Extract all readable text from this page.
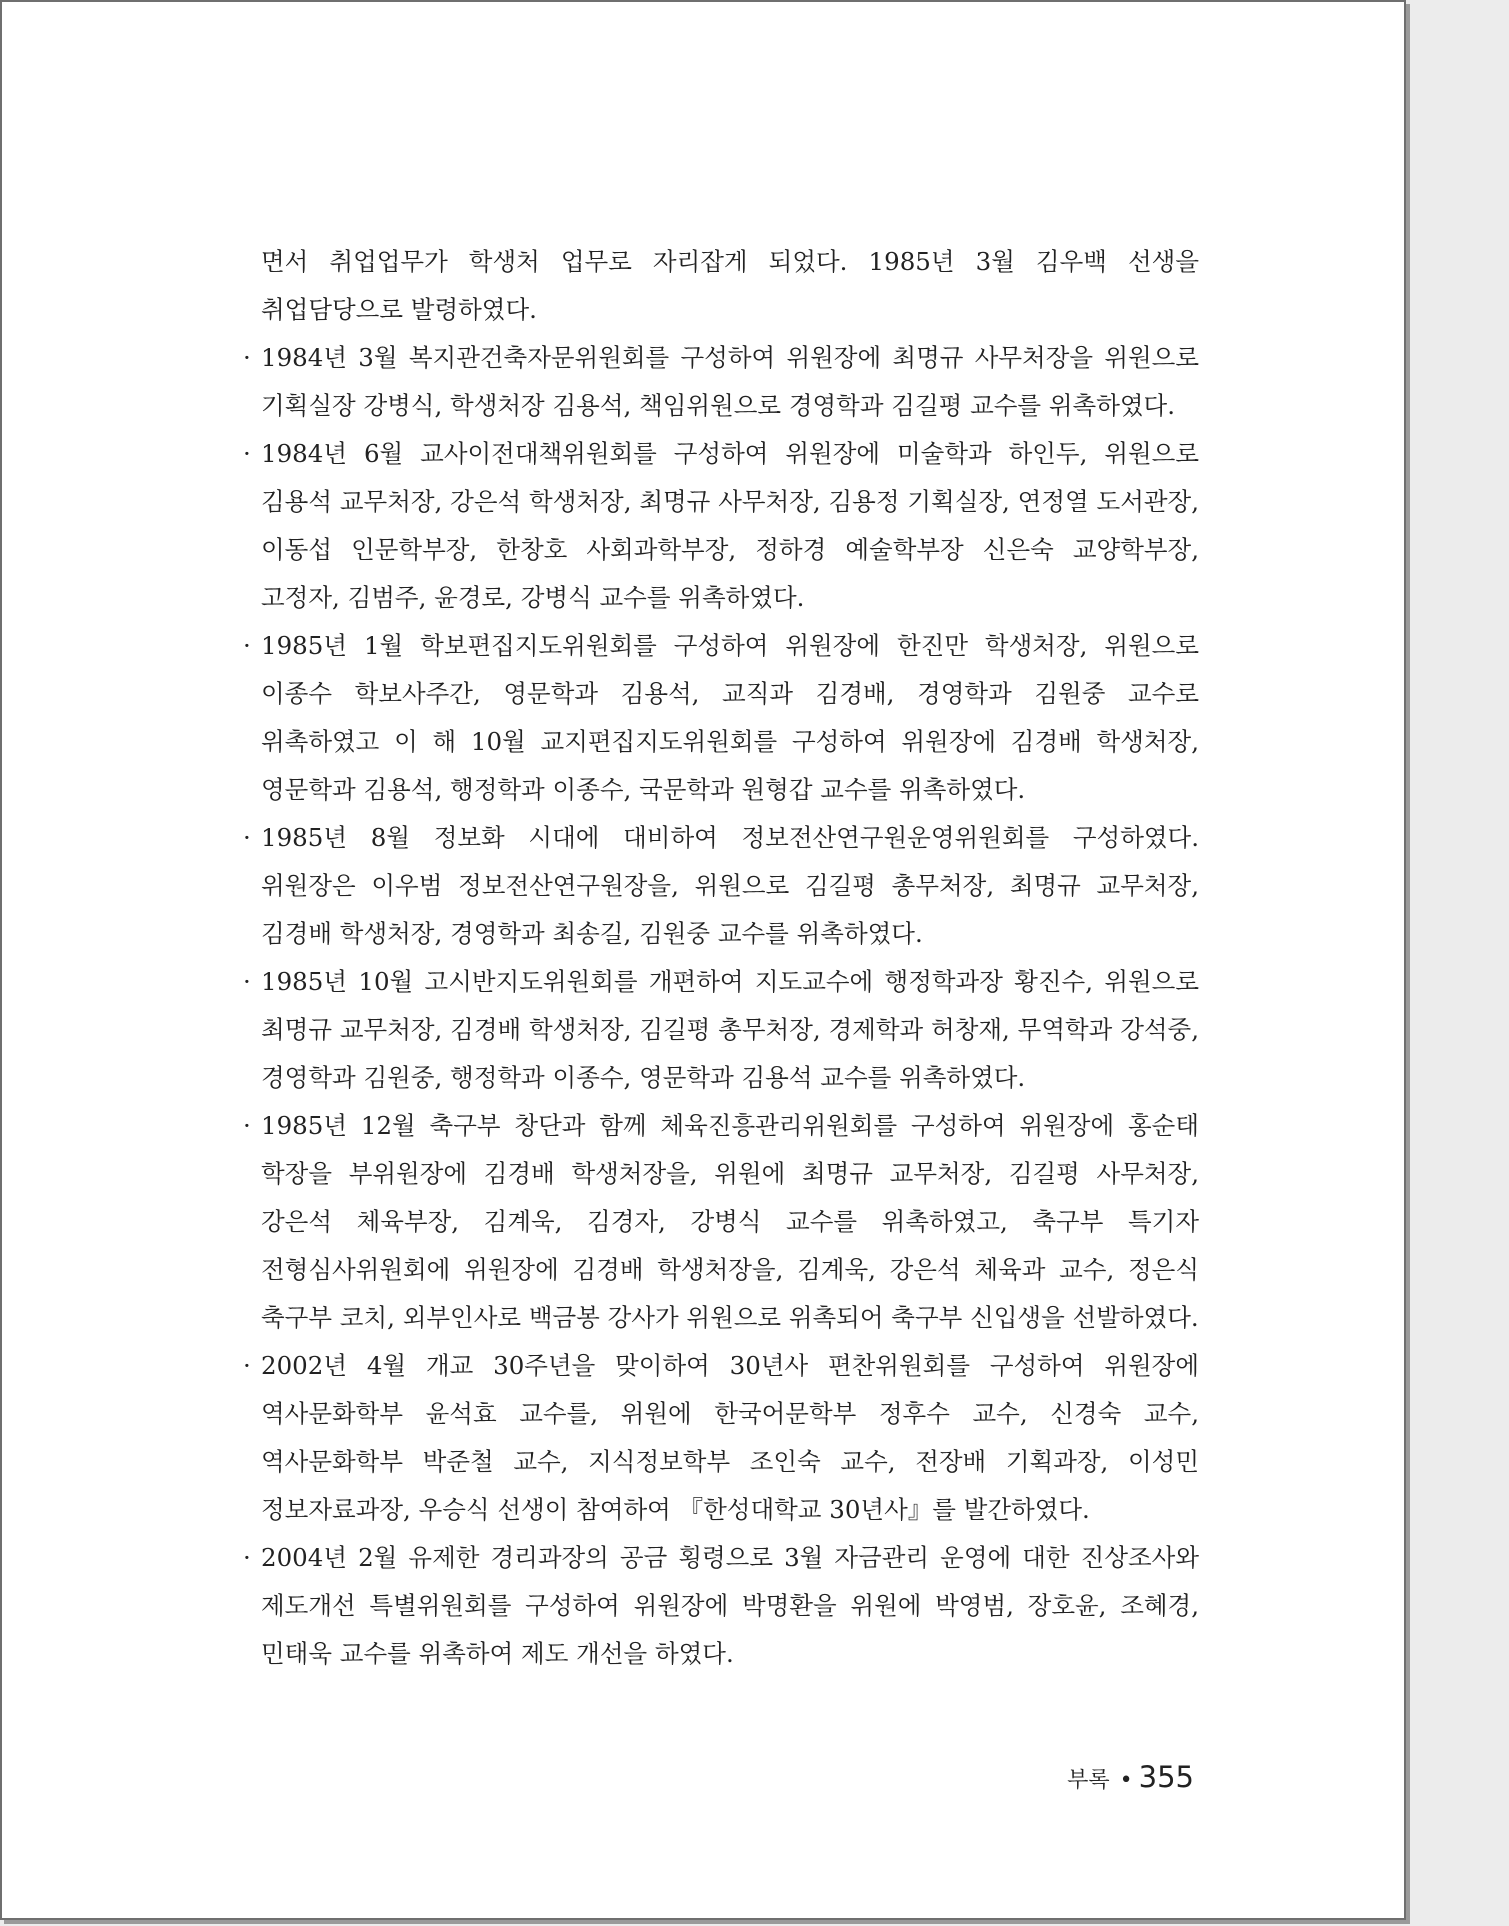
면서 취업업무가 학생처 업무로 자리잡게 되었다. 1985년 3월 김우백 선생을 취업담당으로 발령하였다.

· 1984년 3월 복지관건축자문위원회를 구성하여 위원장에 최명규 사무처장을 위원으로 기획실장 강병식, 학생처장 김용석, 책임위원으로 경영학과 김길평 교수를 위촉하였다.
· 1984년 6월 교사이전대책위원회를 구성하여 위원장에 미술학과 하인두, 위원으로 김용석 교무처장, 강은석 학생처장, 최명규 사무처장, 김용정 기획실장, 연정열 도서관장, 이동섭 인문학부장, 한창호 사회과학부장, 정하경 예술학부장 신은숙 교양학부장, 고정자, 김범주, 윤경로, 강병식 교수를 위촉하였다.
· 1985년 1월 학보편집지도위원회를 구성하여 위원장에 한진만 학생처장, 위원으로 이종수 학보사주간, 영문학과 김용석, 교직과 김경배, 경영학과 김원중 교수로 위촉하였고 이 해 10월 교지편집지도위원회를 구성하여 위원장에 김경배 학생처장, 영문학과 김용석, 행정학과 이종수, 국문학과 원형갑 교수를 위촉하였다.
· 1985년 8월 정보화 시대에 대비하여 정보전산연구원운영위원회를 구성하였다. 위원장은 이우범 정보전산연구원장을, 위원으로 김길평 총무처장, 최명규 교무처장, 김경배 학생처장, 경영학과 최송길, 김원중 교수를 위촉하였다.
· 1985년 10월 고시반지도위원회를 개편하여 지도교수에 행정학과장 황진수, 위원으로 최명규 교무처장, 김경배 학생처장, 김길평 총무처장, 경제학과 허창재, 무역학과 강석중, 경영학과 김원중, 행정학과 이종수, 영문학과 김용석 교수를 위촉하였다.
· 1985년 12월 축구부 창단과 함께 체육진흥관리위원회를 구성하여 위원장에 홍순태 학장을 부위원장에 김경배 학생처장을, 위원에 최명규 교무처장, 김길평 사무처장, 강은석 체육부장, 김계욱, 김경자, 강병식 교수를 위촉하였고, 축구부 특기자 전형심사위원회에 위원장에 김경배 학생처장을, 김계욱, 강은석 체육과 교수, 정은식 축구부 코치, 외부인사로 백금봉 강사가 위원으로 위촉되어 축구부 신입생을 선발하였다.
· 2002년 4월 개교 30주년을 맞이하여 30년사 편찬위원회를 구성하여 위원장에 역사문화학부 윤석효 교수를, 위원에 한국어문학부 정후수 교수, 신경숙 교수, 역사문화학부 박준철 교수, 지식정보학부 조인숙 교수, 전장배 기획과장, 이성민 정보자료과장, 우승식 선생이 참여하여 『한성대학교 30년사』를 발간하였다.
· 2004년 2월 유제한 경리과장의 공금 횡령으로 3월 자금관리 운영에 대한 진상조사와 제도개선 특별위원회를 구성하여 위원장에 박명환을 위원에 박영범, 장호윤, 조혜경, 민태욱 교수를 위촉하여 제도 개선을 하였다.
부록 • 355
